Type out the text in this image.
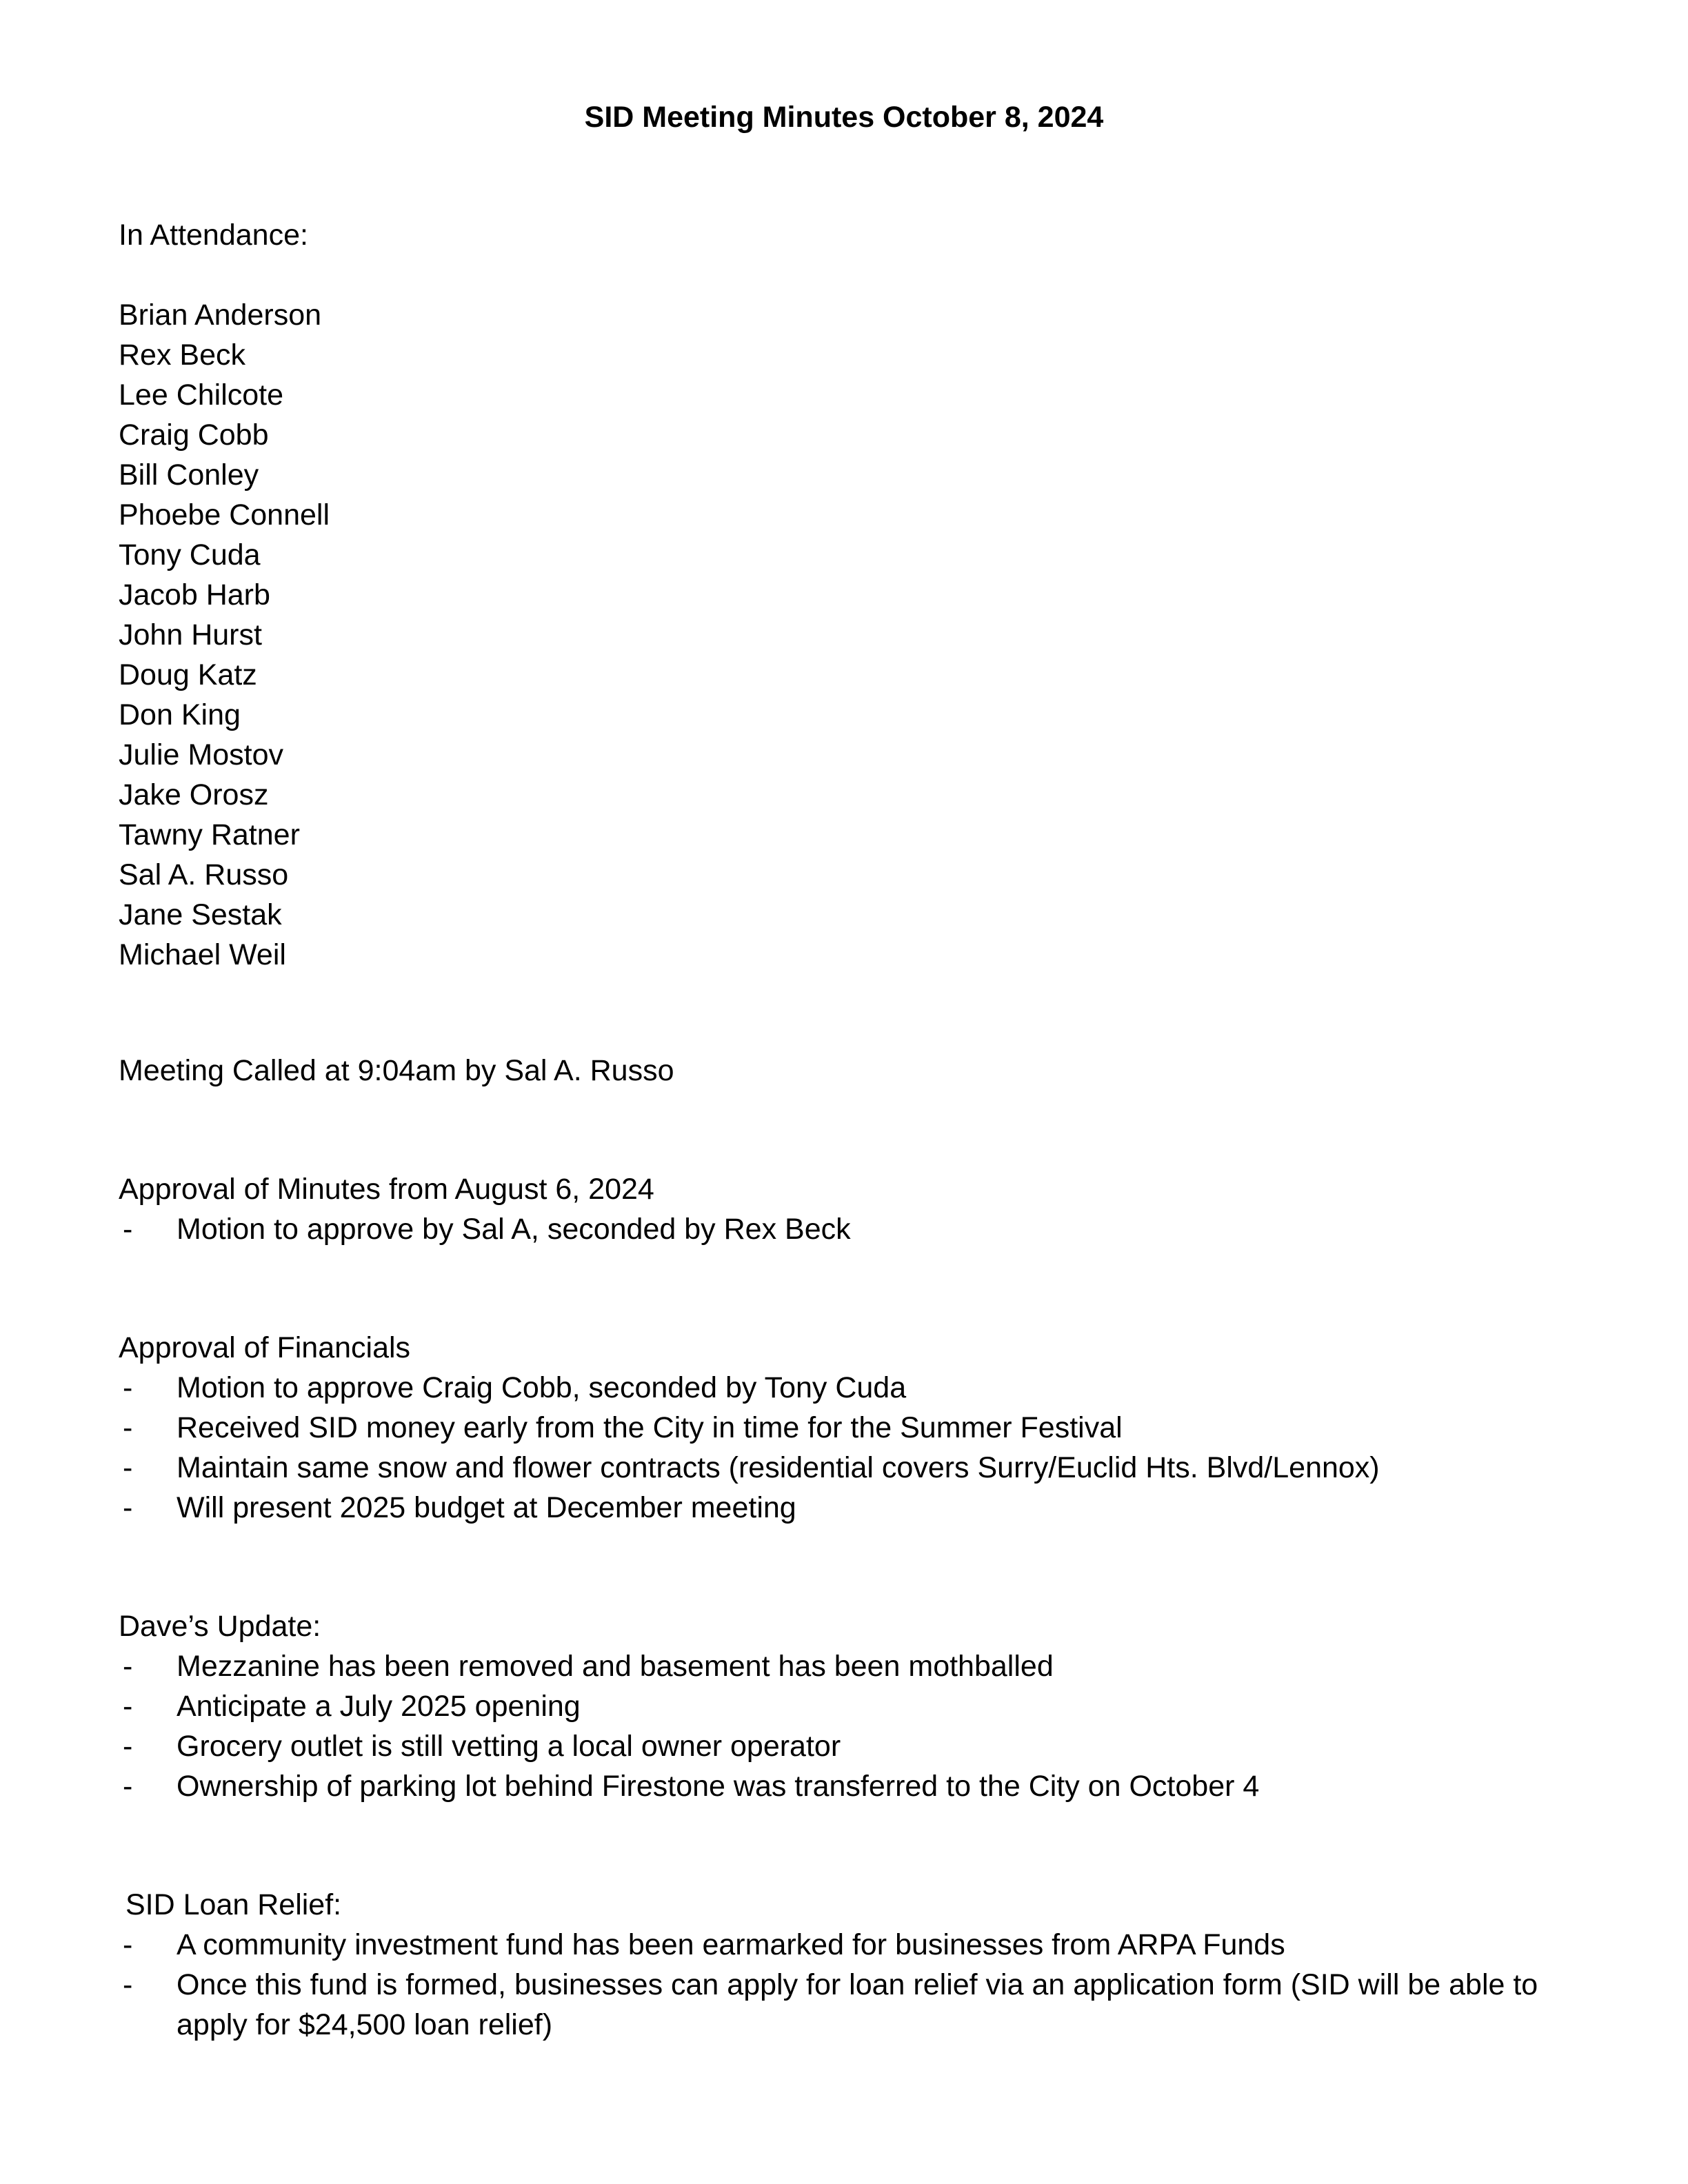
SID Meeting Minutes October 8, 2024
In Attendance:
Brian Anderson
Rex Beck
Lee Chilcote
Craig Cobb
Bill Conley
Phoebe Connell
Tony Cuda
Jacob Harb
John Hurst
Doug Katz
Don King
Julie Mostov
Jake Orosz
Tawny Ratner
Sal A. Russo
Jane Sestak
Michael Weil
Meeting Called at 9:04am by Sal A. Russo
Approval of Minutes from August 6, 2024
- Motion to approve by Sal A, seconded by Rex Beck
Approval of Financials
- Motion to approve Craig Cobb, seconded by Tony Cuda
- Received SID money early from the City in time for the Summer Festival
- Maintain same snow and flower contracts (residential covers Surry/Euclid Hts. Blvd/Lennox)
- Will present 2025 budget at December meeting
Dave’s Update:
- Mezzanine has been removed and basement has been mothballed
- Anticipate a July 2025 opening
- Grocery outlet is still vetting a local owner operator
- Ownership of parking lot behind Firestone was transferred to the City on October 4
SID Loan Relief:
- A community investment fund has been earmarked for businesses from ARPA Funds
- Once this fund is formed, businesses can apply for loan relief via an application form (SID will be able to apply for $24,500 loan relief)
